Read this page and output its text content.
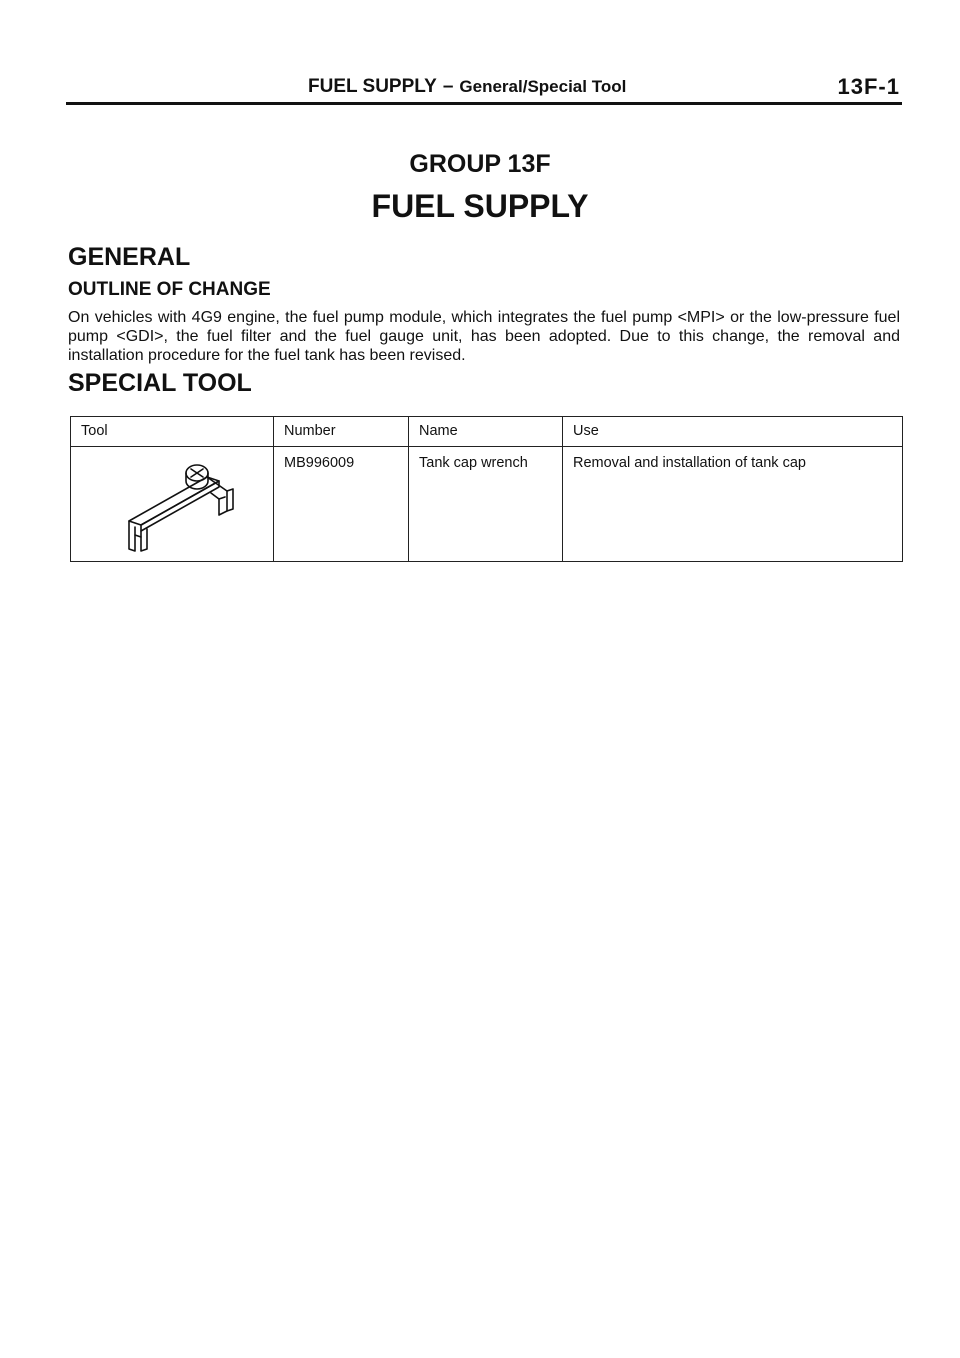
FUEL SUPPLY – General/Special Tool	13F-1
GROUP 13F
FUEL SUPPLY
GENERAL
OUTLINE OF CHANGE
On vehicles with 4G9 engine, the fuel pump module, which integrates the fuel pump <MPI> or the low-pressure fuel pump <GDI>, the fuel filter and the fuel gauge unit, has been adopted. Due to this change, the removal and installation procedure for the fuel tank has been revised.
SPECIAL TOOL
Tool	Number	Name	Use

	MB996009	Tank cap wrench	Removal and installation of tank cap
